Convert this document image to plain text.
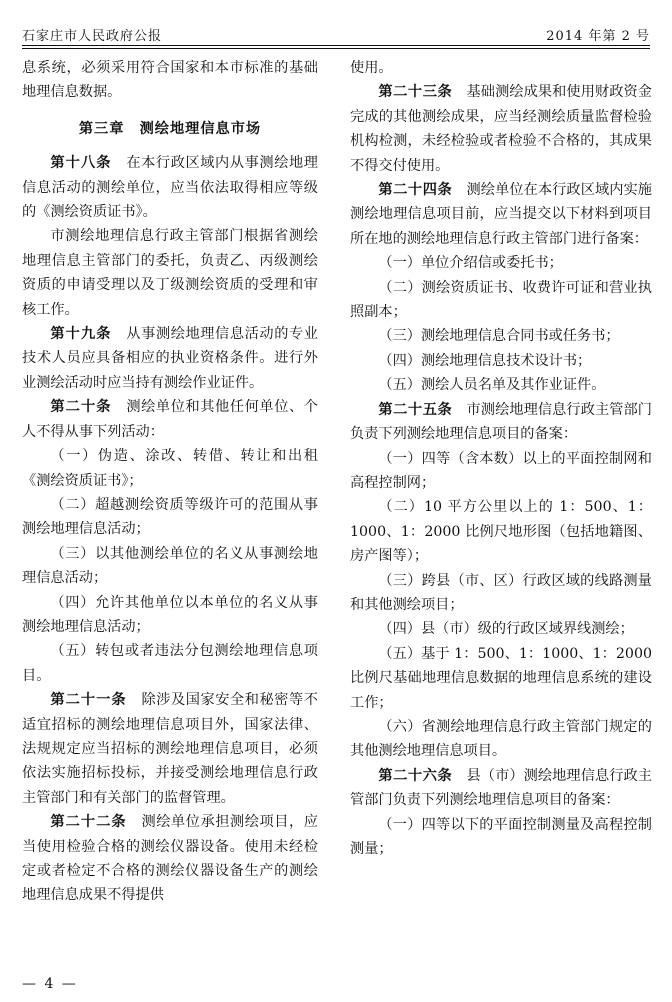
石家庄市人民政府公报	2014 年第 2 号

息系统，必须采用符合国家和本市标准的基础地理信息数据。

第三章　测绘地理信息市场

第十八条　在本行政区域内从事测绘地理信息活动的测绘单位，应当依法取得相应等级的《测绘资质证书》。

市测绘地理信息行政主管部门根据省测绘地理信息主管部门的委托，负责乙、丙级测绘资质的申请受理以及丁级测绘资质的受理和审核工作。

第十九条　从事测绘地理信息活动的专业技术人员应具备相应的执业资格条件。进行外业测绘活动时应当持有测绘作业证件。

第二十条　测绘单位和其他任何单位、个人不得从事下列活动：

（一）伪造、涂改、转借、转让和出租《测绘资质证书》；

（二）超越测绘资质等级许可的范围从事测绘地理信息活动；

（三）以其他测绘单位的名义从事测绘地理信息活动；

（四）允许其他单位以本单位的名义从事测绘地理信息活动；

（五）转包或者违法分包测绘地理信息项目。

第二十一条　除涉及国家安全和秘密等不适宜招标的测绘地理信息项目外，国家法律、法规规定应当招标的测绘地理信息项目，必须依法实施招标投标，并接受测绘地理信息行政主管部门和有关部门的监督管理。

第二十二条　测绘单位承担测绘项目，应当使用检验合格的测绘仪器设备。使用未经检定或者检定不合格的测绘仪器设备生产的测绘地理信息成果不得提供

使用。

第二十三条　基础测绘成果和使用财政资金完成的其他测绘成果，应当经测绘质量监督检验机构检测，未经检验或者检验不合格的，其成果不得交付使用。

第二十四条　测绘单位在本行政区域内实施测绘地理信息项目前，应当提交以下材料到项目所在地的测绘地理信息行政主管部门进行备案：

（一）单位介绍信或委托书；

（二）测绘资质证书、收费许可证和营业执照副本；

（三）测绘地理信息合同书或任务书；

（四）测绘地理信息技术设计书；

（五）测绘人员名单及其作业证件。

第二十五条　市测绘地理信息行政主管部门负责下列测绘地理信息项目的备案：

（一）四等（含本数）以上的平面控制网和高程控制网；

（二）10 平方公里以上的 1：500、1：1000、1：2000 比例尺地形图（包括地籍图、房产图等）；

（三）跨县（市、区）行政区域的线路测量和其他测绘项目；

（四）县（市）级的行政区域界线测绘；

（五）基于 1：500、1：1000、1：2000 比例尺基础地理信息数据的地理信息系统的建设工作；

（六）省测绘地理信息行政主管部门规定的其他测绘地理信息项目。

第二十六条　县（市）测绘地理信息行政主管部门负责下列测绘地理信息项目的备案：

（一）四等以下的平面控制测量及高程控制测量；

— 4 —
